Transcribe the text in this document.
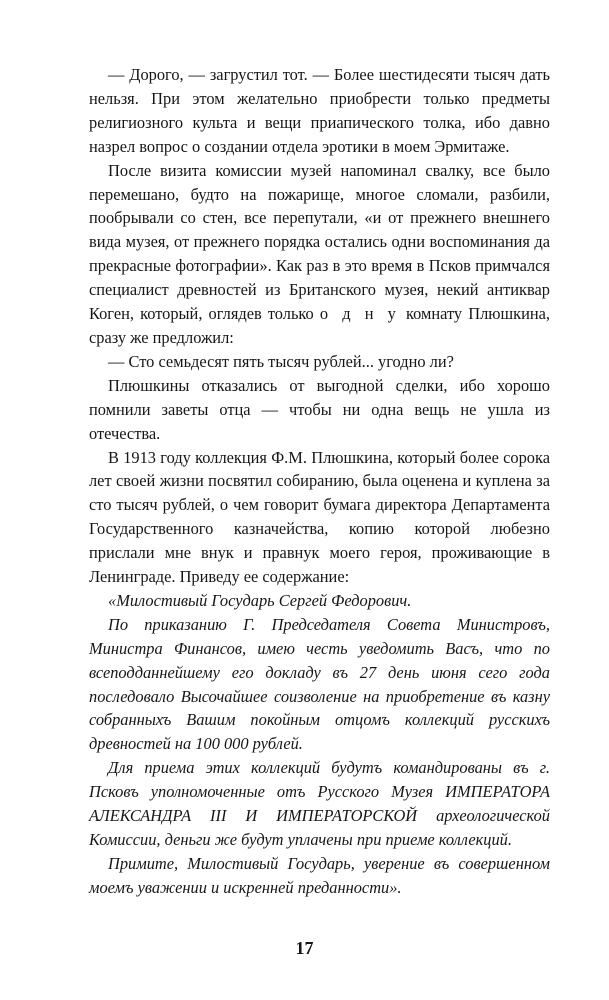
— Дорого, — загрустил тот. — Более шестидесяти тысяч дать нельзя. При этом желательно приобрести только предметы религиозного культа и вещи приапического толка, ибо давно назрел вопрос о создании отдела эротики в моем Эрмитаже.

После визита комиссии музей напоминал свалку, все было перемешано, будто на пожарище, многое сломали, разбили, пообрывали со стен, все перепутали, «и от прежнего внешнего вида музея, от прежнего порядка остались одни воспоминания да прекрасные фотографии». Как раз в это время в Псков примчался специалист древностей из Британского музея, некий антиквар Коген, который, оглядев только о д н у комнату Плюшкина, сразу же предложил:

— Сто семьдесят пять тысяч рублей... угодно ли?

Плюшкины отказались от выгодной сделки, ибо хорошо помнили заветы отца — чтобы ни одна вещь не ушла из отечества.

В 1913 году коллекция Ф.М. Плюшкина, который более сорока лет своей жизни посвятил собиранию, была оценена и куплена за сто тысяч рублей, о чем говорит бумага директора Департамента Государственного казначейства, копию которой любезно прислали мне внук и правнук моего героя, проживающие в Ленинграде. Приведу ее содержание:

«Милостивый Государь Сергей Федорович.

По приказанию Г. Председателя Совета Министровъ, Министра Финансов, имею честь уведомить Васъ, что по всеподданнейшему его докладу въ 27 день июня сего года последовало Высочайшее соизволение на приобретение въ казну собранныхъ Вашим покойным отцомъ коллекций русскихъ древностей на 100 000 рублей.

Для приема этих коллекций будутъ командированы въ г. Псковъ уполномоченные отъ Русского Музея ИМПЕРАТОРА АЛЕКСАНДРА III И ИМПЕРАТОРСКОЙ археологической Комиссии, деньги же будут уплачены при приеме коллекций.

Примите, Милостивый Государь, уверение въ совершенном моемъ уважении и искренней преданности».

17
